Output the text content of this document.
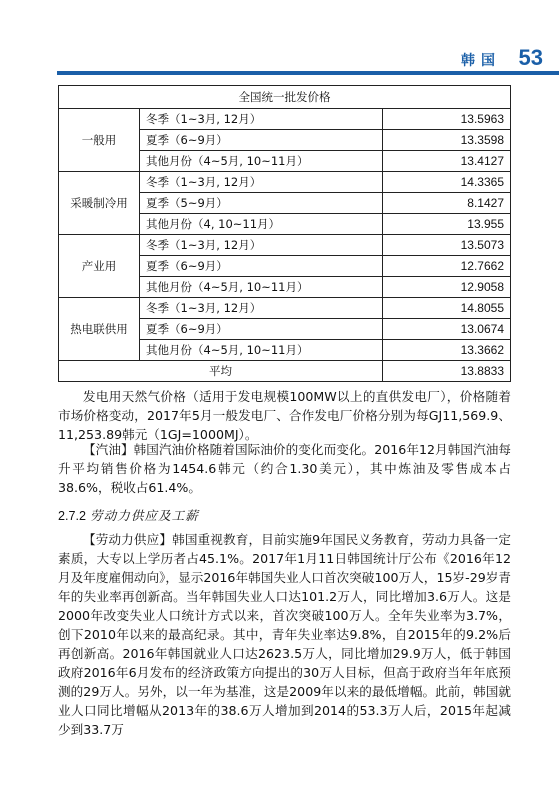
韩国 53
全国统一批发价格		
一般用	冬季（1~3月, 12月）	13.5963
	夏季（6~9月）	13.3598
	其他月份（4~5月, 10~11月）	13.4127
采暖制冷用	冬季（1~3月, 12月）	14.3365
	夏季（5~9月）	8.1427
	其他月份（4, 10~11月）	13.955
产业用	冬季（1~3月, 12月）	13.5073
	夏季（6~9月）	12.7662
	其他月份（4~5月, 10~11月）	12.9058
热电联供用	冬季（1~3月, 12月）	14.8055
	夏季（6~9月）	13.0674
	其他月份（4~5月, 10~11月）	13.3662
平均		13.8833

发电用天然气价格（适用于发电规模100MW以上的直供发电厂），价格随着市场价格变动，2017年5月一般发电厂、合作发电厂价格分别为每GJ11,569.9、11,253.89韩元（1GJ=1000MJ）。

【汽油】韩国汽油价格随着国际油价的变化而变化。2016年12月韩国汽油每升平均销售价格为1454.6韩元（约合1.30美元），其中炼油及零售成本占38.6%，税收占61.4%。

2.7.2 劳动力供应及工薪

【劳动力供应】韩国重视教育，目前实施9年国民义务教育，劳动力具备一定素质，大专以上学历者占45.1%。2017年1月11日韩国统计厅公布《2016年12月及年度雇佣动向》，显示2016年韩国失业人口首次突破100万人，15岁-29岁青年的失业率再创新高。当年韩国失业人口达101.2万人，同比增加3.6万人。这是2000年改变失业人口统计方式以来，首次突破100万人。全年失业率为3.7%，创下2010年以来的最高纪录。其中，青年失业率达9.8%，自2015年的9.2%后再创新高。2016年韩国就业人口达2623.5万人，同比增加29.9万人，低于韩国政府2016年6月发布的经济政策方向提出的30万人目标，但高于政府当年年底预测的29万人。另外，以一年为基准，这是2009年以来的最低增幅。此前，韩国就业人口同比增幅从2013年的38.6万人增加到2014的53.3万人后，2015年起减少到33.7万
